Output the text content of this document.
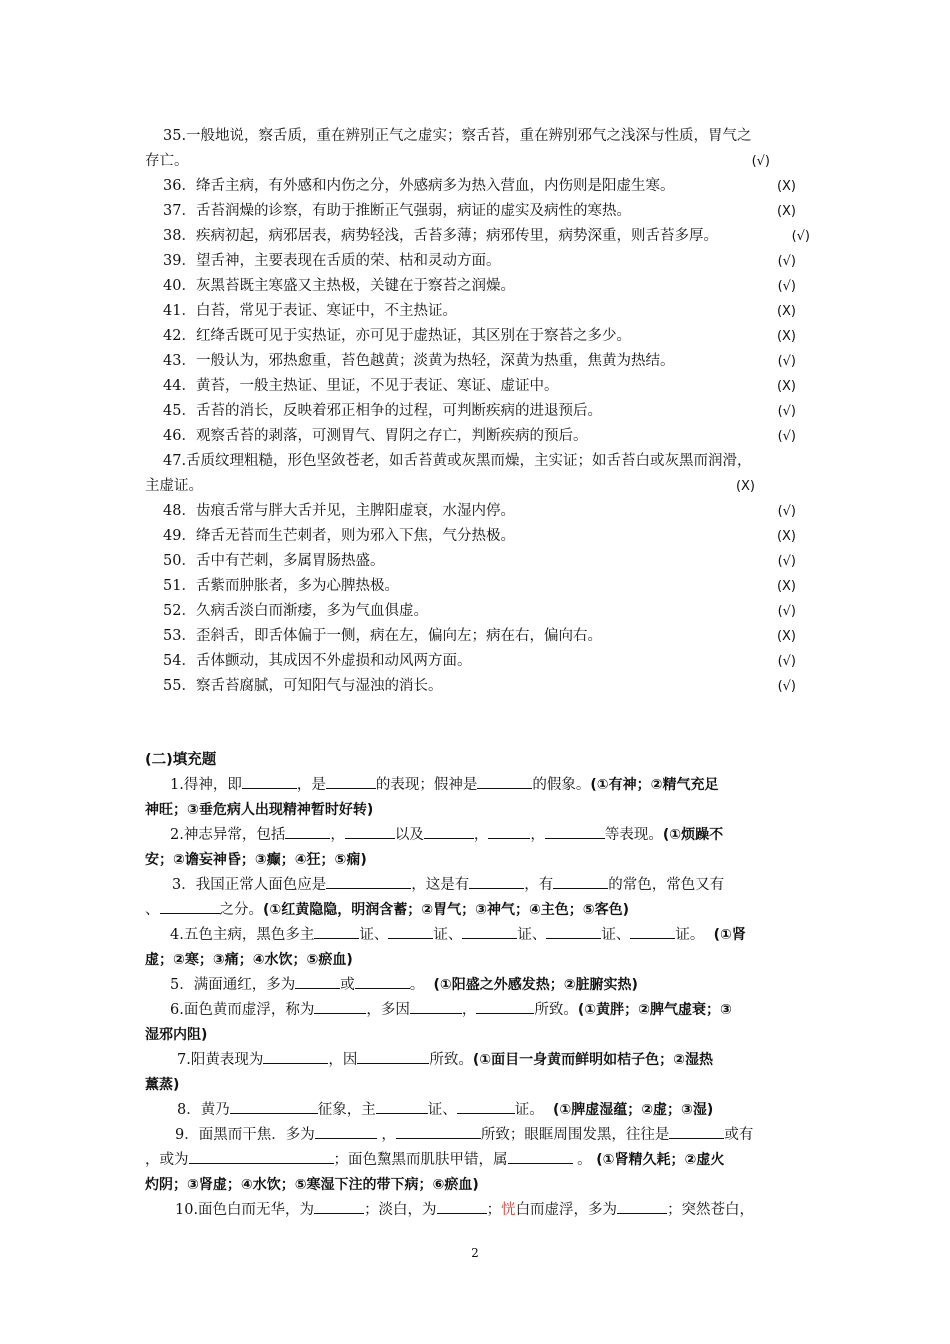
35.一般地说，察舌质，重在辨别正气之虚实；察舌苔，重在辨别邪气之浅深与性质，胃气之
存亡。	(√)
36．绛舌主病，有外感和内伤之分，外感病多为热入营血，内伤则是阳虚生寒。	(X)
37．舌苔润燥的诊察，有助于推断正气强弱，病证的虚实及病性的寒热。	(X)
38．疾病初起，病邪居表，病势轻浅，舌苔多薄；病邪传里，病势深重，则舌苔多厚。	(√)
39．望舌神，主要表现在舌质的荣、枯和灵动方面。	(√)
40．灰黑苔既主寒盛又主热极，关键在于察苔之润燥。	(√)
41．白苔，常见于表证、寒证中，不主热证。	(X)
42．红绛舌既可见于实热证，亦可见于虚热证，其区别在于察苔之多少。	(X)
43．一般认为，邪热愈重，苔色越黄；淡黄为热轻，深黄为热重，焦黄为热结。	(√)
44．黄苔，一般主热证、里证，不见于表证、寒证、虚证中。	(X)
45．舌苔的消长，反映着邪正相争的过程，可判断疾病的进退预后。	(√)
46．观察舌苔的剥落，可测胃气、胃阴之存亡，判断疾病的预后。	(√)
47.舌质纹理粗糙，形色坚敛苍老，如舌苔黄或灰黑而燥，主实证；如舌苔白或灰黑而润滑，
主虚证。	(X)
48．齿痕舌常与胖大舌并见，主脾阳虚衰，水湿内停。	(√)
49．绛舌无苔而生芒刺者，则为邪入下焦，气分热极。	(X)
50．舌中有芒刺，多属胃肠热盛。	(√)
51．舌紫而肿胀者，多为心脾热极。	(X)
52．久病舌淡白而渐痿，多为气血俱虚。	(√)
53．歪斜舌，即舌体偏于一侧，病在左，偏向左；病在右，偏向右。	(X)
54．舌体颤动，其成因不外虚损和动风两方面。	(√)
55．察舌苔腐腻，可知阳气与湿浊的消长。	(√)
(二)填充题
1.得神，即	，是	的表现；假神是	的假象。(①有神；②精气充足
神旺；③垂危病人出现精神暂时好转)
2.神志异常，包括	，	以及	，	，	等表现。(①烦躁不
安；②谵妄神昏；③癫；④狂；⑤痫)
3．我国正常人面色应是	，这是有	，有	的常色，常色又有
、	之分。(①红黄隐隐，明润含蓄；②胃气；③神气；④主色；⑤客色)
4.五色主病，黑色多主	证、	证、	证、	证、	证。 (①肾
虚；②寒；③痛；④水饮；⑤瘀血)
5．满面通红，多为	或	。 (①阳盛之外感发热；②脏腑实热)
6.面色黄而虚浮，称为	，多因	，	所致。(①黄胖；②脾气虚衰；③
湿邪内阻)
7.阳黄表现为	，因	所致。(①面目一身黄而鲜明如桔子色；②湿热
薰蒸)
8．黄乃	征象，主	证、	证。 (①脾虚湿蕴；②虚；③湿)
9．面黑而干焦．多为	，	所致；眼眶周围发黑，往往是	或有
，或为	；面色黧黑而肌肤甲错，属	。 (①肾精久耗；②虚火
灼阴；③肾虚；④水饮；⑤寒湿下注的带下病；⑥瘀血)
10.面色白而无华，为	；淡白，为	；恍白而虚浮，多为	；突然苍白，
2
